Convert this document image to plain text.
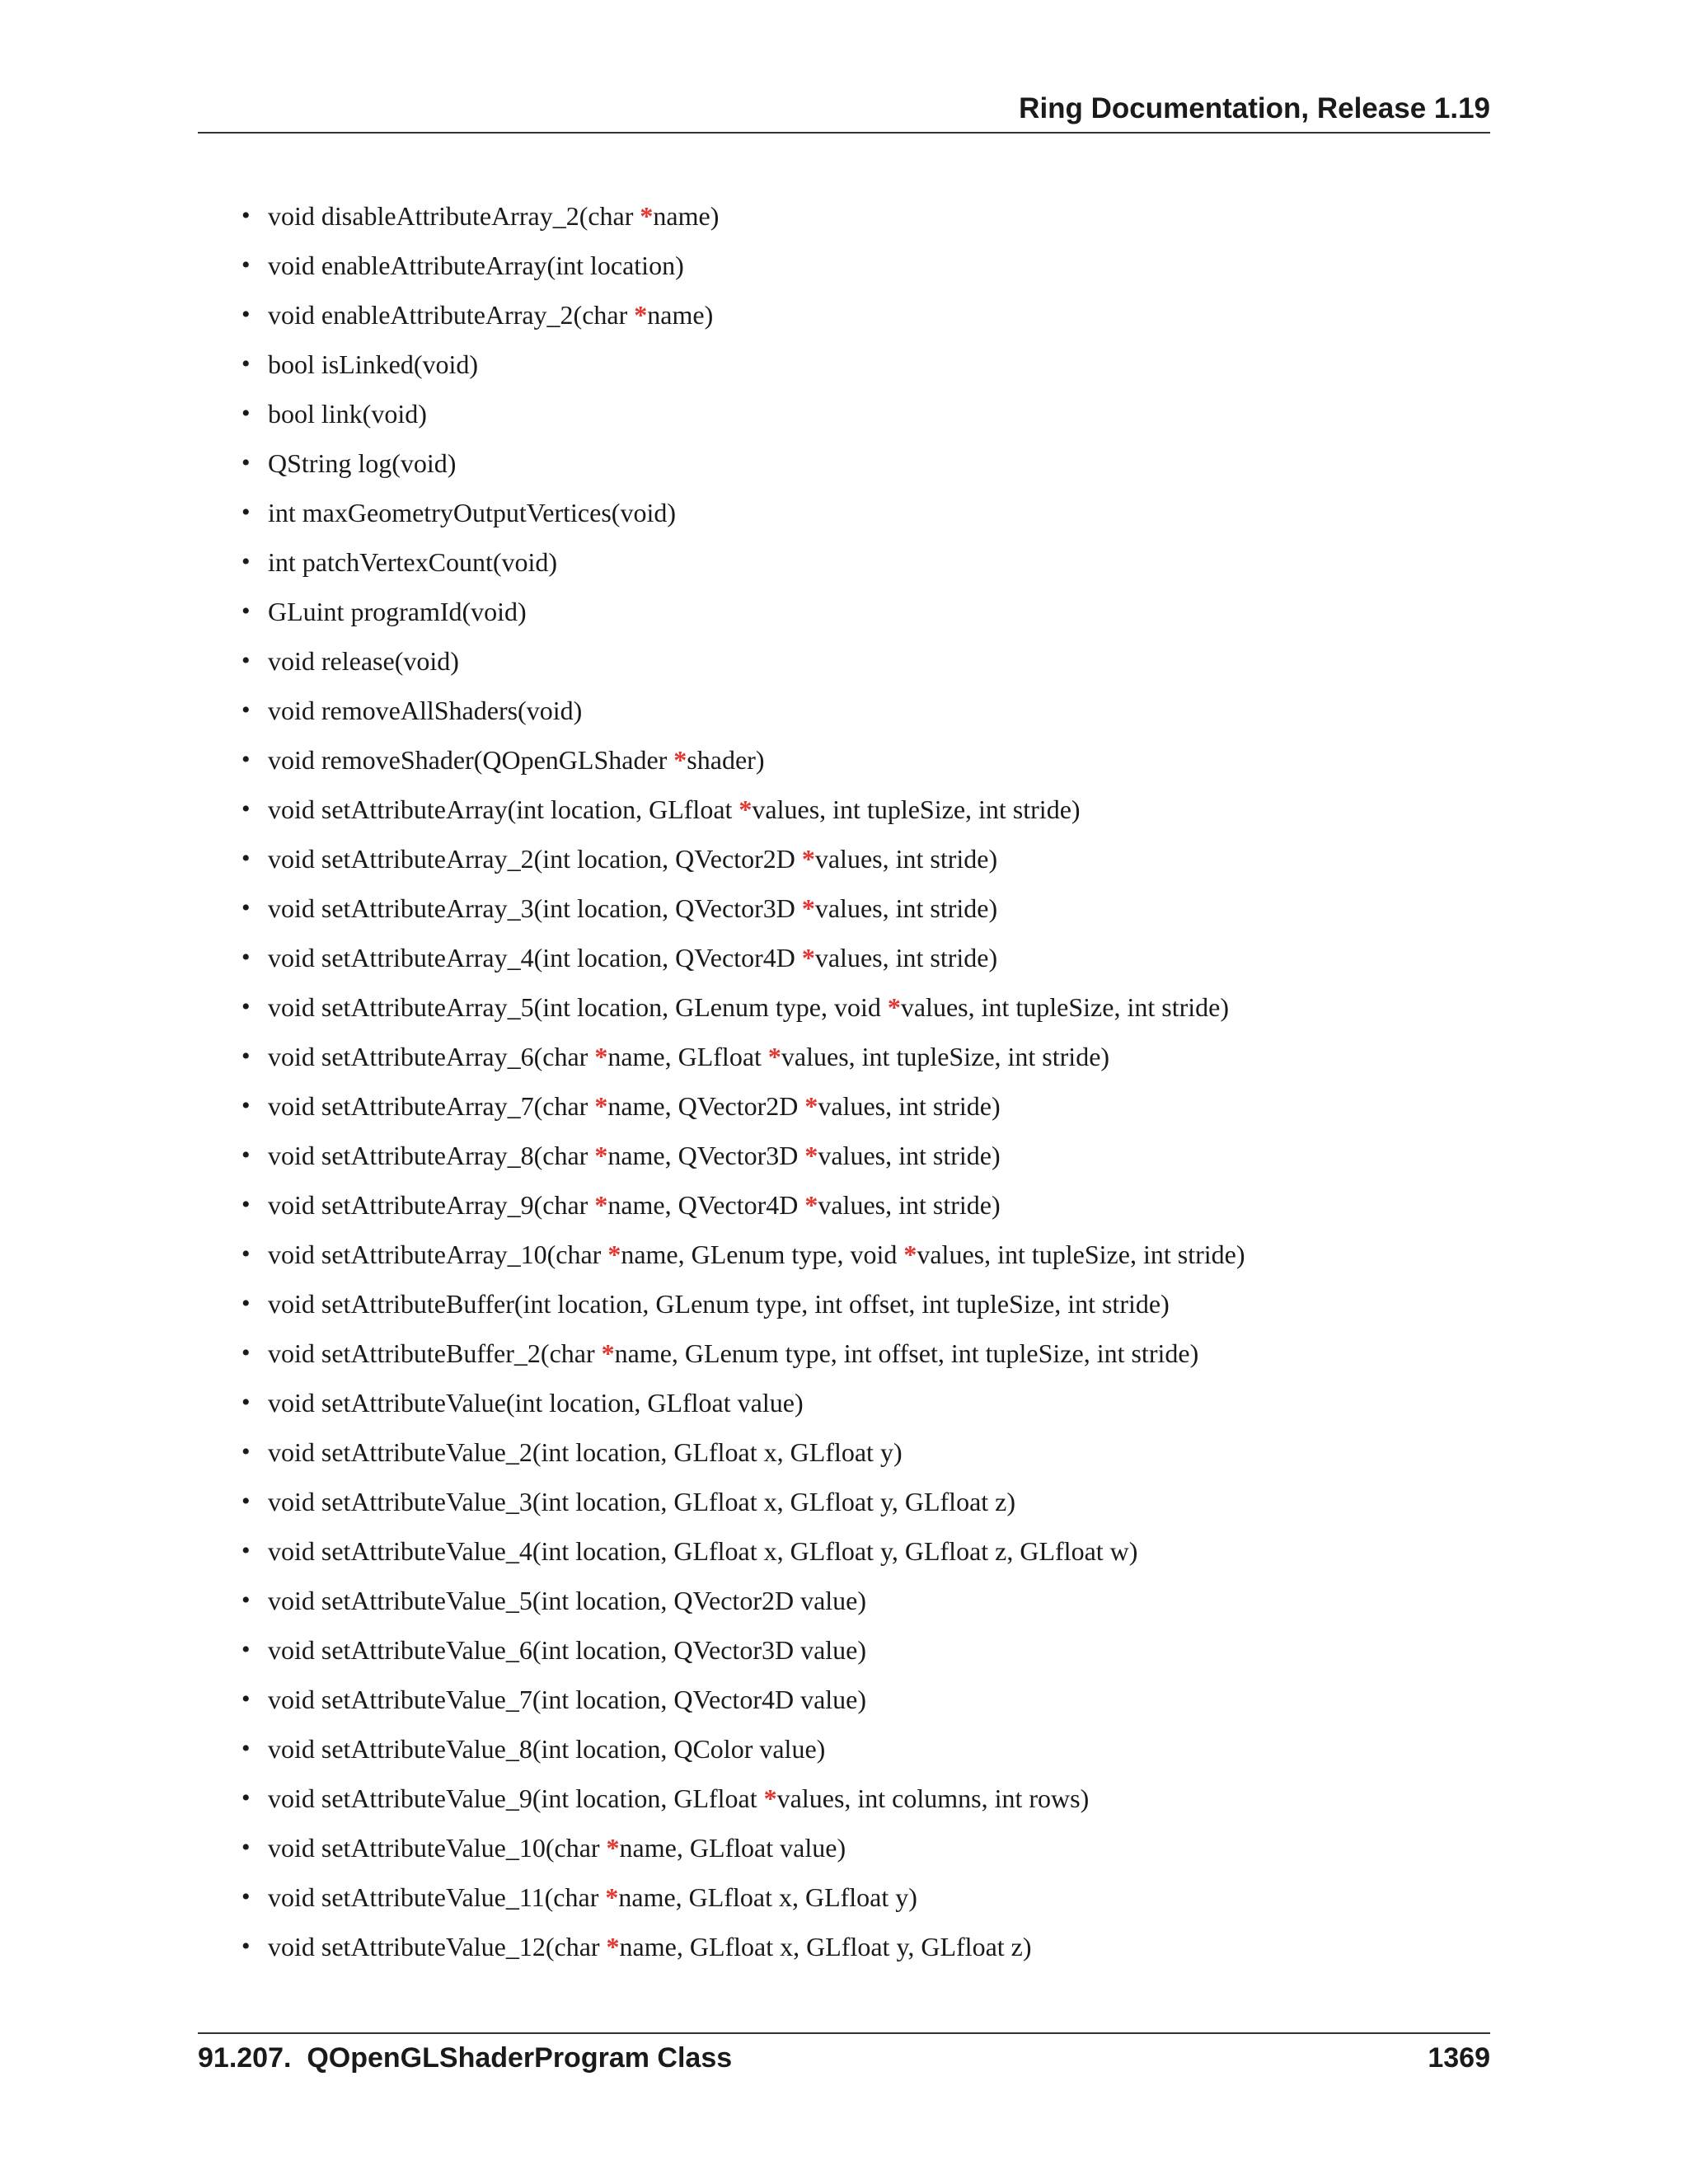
Ring Documentation, Release 1.19
• void disableAttributeArray_2(char *name)
• void enableAttributeArray(int location)
• void enableAttributeArray_2(char *name)
• bool isLinked(void)
• bool link(void)
• QString log(void)
• int maxGeometryOutputVertices(void)
• int patchVertexCount(void)
• GLuint programId(void)
• void release(void)
• void removeAllShaders(void)
• void removeShader(QOpenGLShader *shader)
• void setAttributeArray(int location, GLfloat *values, int tupleSize, int stride)
• void setAttributeArray_2(int location, QVector2D *values, int stride)
• void setAttributeArray_3(int location, QVector3D *values, int stride)
• void setAttributeArray_4(int location, QVector4D *values, int stride)
• void setAttributeArray_5(int location, GLenum type, void *values, int tupleSize, int stride)
• void setAttributeArray_6(char *name, GLfloat *values, int tupleSize, int stride)
• void setAttributeArray_7(char *name, QVector2D *values, int stride)
• void setAttributeArray_8(char *name, QVector3D *values, int stride)
• void setAttributeArray_9(char *name, QVector4D *values, int stride)
• void setAttributeArray_10(char *name, GLenum type, void *values, int tupleSize, int stride)
• void setAttributeBuffer(int location, GLenum type, int offset, int tupleSize, int stride)
• void setAttributeBuffer_2(char *name, GLenum type, int offset, int tupleSize, int stride)
• void setAttributeValue(int location, GLfloat value)
• void setAttributeValue_2(int location, GLfloat x, GLfloat y)
• void setAttributeValue_3(int location, GLfloat x, GLfloat y, GLfloat z)
• void setAttributeValue_4(int location, GLfloat x, GLfloat y, GLfloat z, GLfloat w)
• void setAttributeValue_5(int location, QVector2D value)
• void setAttributeValue_6(int location, QVector3D value)
• void setAttributeValue_7(int location, QVector4D value)
• void setAttributeValue_8(int location, QColor value)
• void setAttributeValue_9(int location, GLfloat *values, int columns, int rows)
• void setAttributeValue_10(char *name, GLfloat value)
• void setAttributeValue_11(char *name, GLfloat x, GLfloat y)
• void setAttributeValue_12(char *name, GLfloat x, GLfloat y, GLfloat z)
91.207.  QOpenGLShaderProgram Class	1369
